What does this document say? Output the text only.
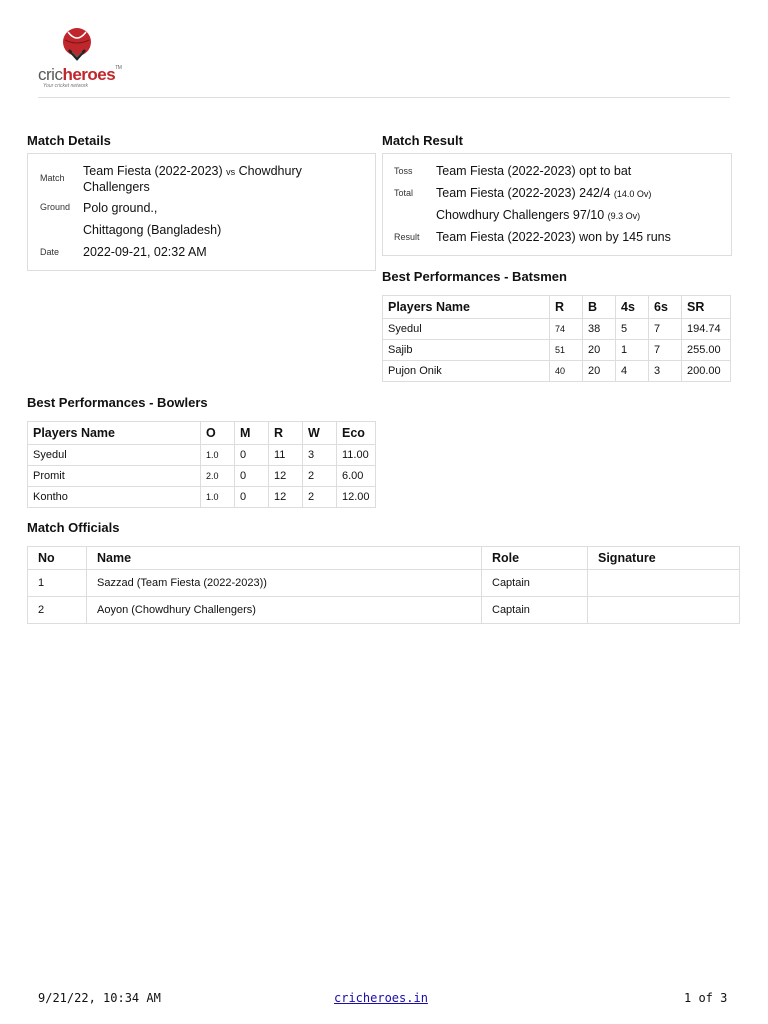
cricheroes™
Your cricket network
Match Details
Match	Team Fiesta (2022-2023) vs Chowdhury Challengers
Ground	Polo ground.,
Chittagong (Bangladesh)
Date	2022-09-21, 02:32 AM
Match Result
Toss	Team Fiesta (2022-2023) opt to bat
Total	Team Fiesta (2022-2023) 242/4 (14.0 Ov)
Chowdhury Challengers 97/10 (9.3 Ov)
Result	Team Fiesta (2022-2023) won by 145 runs
Best Performances - Batsmen
Players Name	R	B	4s	6s	SR
Syedul	74	38	5	7	194.74
Sajib	51	20	1	7	255.00
Pujon Onik	40	20	4	3	200.00
Best Performances - Bowlers
Players Name	O	M	R	W	Eco
Syedul	1.0	0	11	3	11.00
Promit	2.0	0	12	2	6.00
Kontho	1.0	0	12	2	12.00
Match Officials
No	Name	Role	Signature
1	Sazzad (Team Fiesta (2022-2023))	Captain	
2	Aoyon (Chowdhury Challengers)	Captain	
9/21/22, 10:34 AM	cricheroes.in	1 of 3
